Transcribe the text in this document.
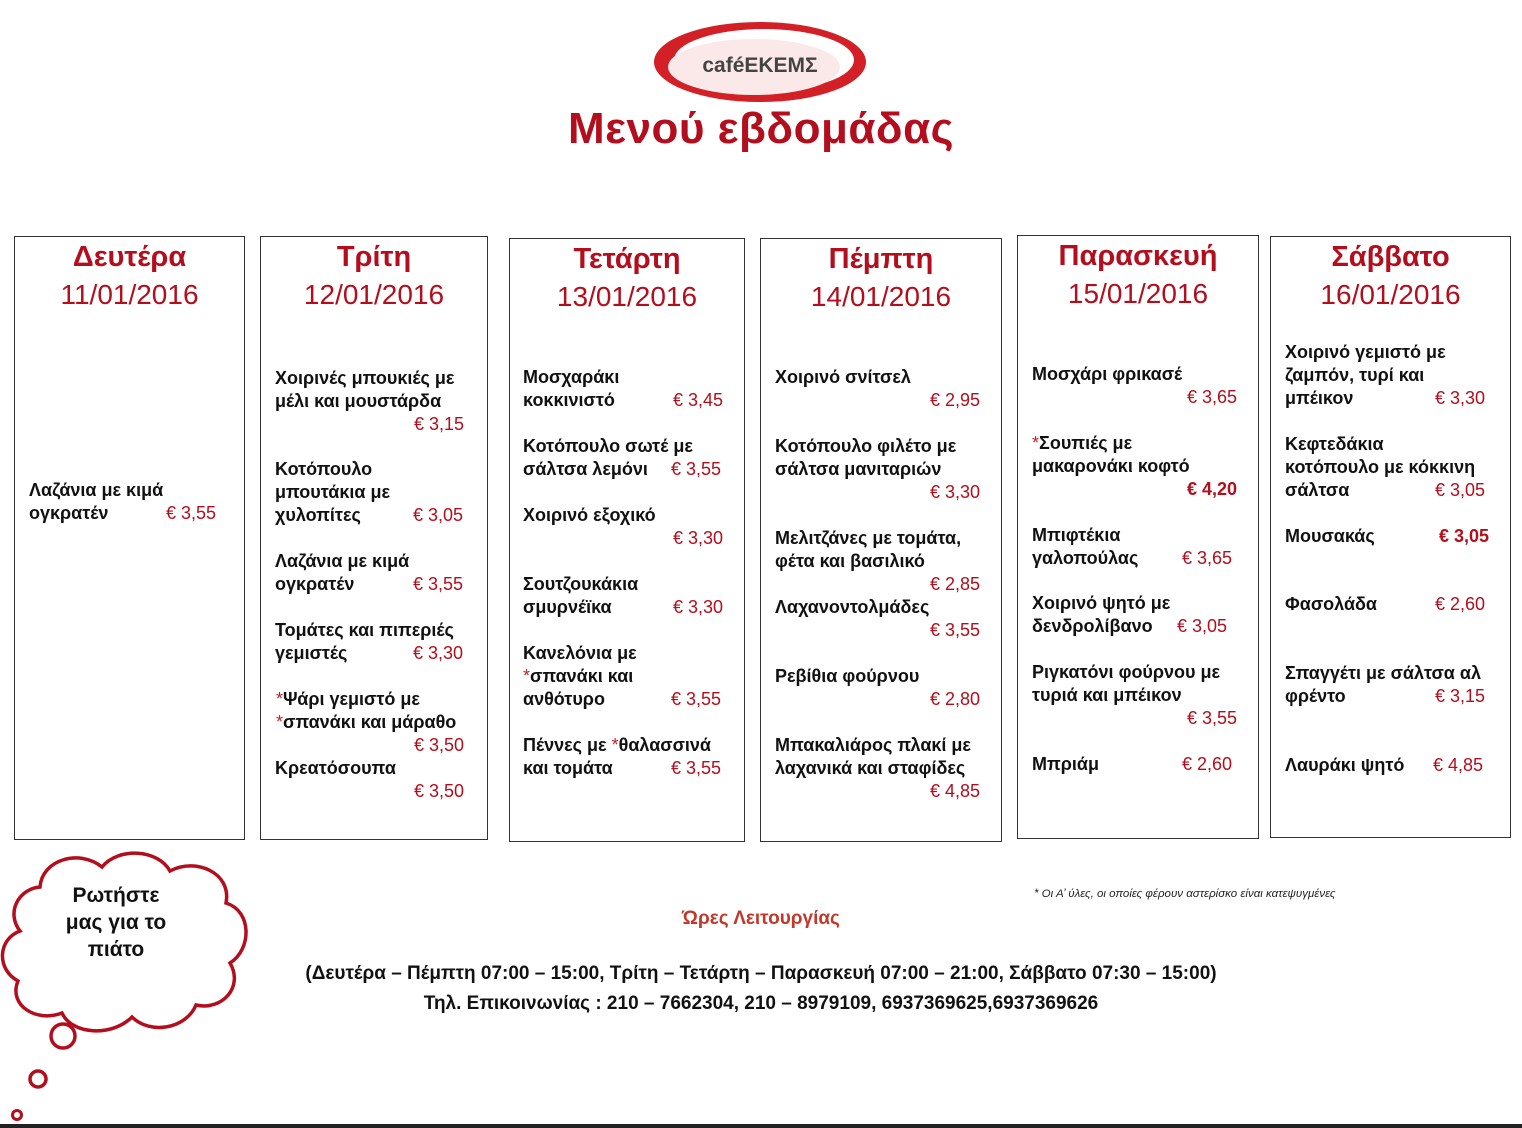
caféΕΚΕΜΣ
Μενού εβδομάδας
Δευτέρα
11/01/2016
Τρίτη
12/01/2016
Τετάρτη
13/01/2016
Πέμπτη
14/01/2016
Παρασκευή
15/01/2016
Σάββατο
16/01/2016
Λαζάνια με κιμά
ογκρατέν	€ 3,55
Χοιρινές μπουκιές με
μέλι και μουστάρδα
€ 3,15
Κοτόπουλο
μπουτάκια με
χυλοπίτες	€ 3,05
Λαζάνια με κιμά
ογκρατέν	€ 3,55
Τομάτες και πιπεριές
γεμιστές	€ 3,30
*Ψάρι γεμιστό με
*σπανάκι και μάραθο
€ 3,50
Κρεατόσουπα
€ 3,50
Μοσχαράκι
κοκκινιστό	€ 3,45
Κοτόπουλο σωτέ με
σάλτσα λεμόνι	€ 3,55
Χοιρινό εξοχικό
€ 3,30
Σουτζουκάκια
σμυρνέϊκα	€ 3,30
Κανελόνια με
*σπανάκι και
ανθότυρο	€ 3,55
Πέννες με *θαλασσινά
και τομάτα	€ 3,55
Χοιρινό σνίτσελ
€ 2,95
Κοτόπουλο φιλέτο με
σάλτσα μανιταριών
€ 3,30
Μελιτζάνες με τομάτα,
φέτα και βασιλικό
€ 2,85
Λαχανοντολμάδες
€ 3,55
Ρεβίθια φούρνου
€ 2,80
Μπακαλιάρος πλακί με
λαχανικά και σταφίδες
€ 4,85
Μοσχάρι φρικασέ
€ 3,65
*Σουπιές με
μακαρονάκι κοφτό
€ 4,20
Μπιφτέκια
γαλοπούλας € 3,65
Χοιρινό ψητό με
δενδρολίβανο	€ 3,05
Ριγκατόνι φούρνου με
τυριά και μπέικον
€ 3,55
Μπριάμ	€ 2,60
Χοιρινό γεμιστό με
ζαμπόν, τυρί και
μπέικον	€ 3,30
Κεφτεδάκια
κοτόπουλο με κόκκινη
σάλτσα	€ 3,05
Μουσακάς	€ 3,05
Φασολάδα	€ 2,60
Σπαγγέτι με σάλτσα αλ
φρέντο	€ 3,15
Λαυράκι ψητό € 4,85
Ρωτήστε
μας για το
πιάτο
* Οι Α’ ύλες, οι οποίες φέρουν αστερίσκο είναι κατεψυγμένες
Ώρες Λειτουργίας
(Δευτέρα – Πέμπτη 07:00 – 15:00, Τρίτη – Τετάρτη – Παρασκευή 07:00 – 21:00, Σάββατο 07:30 – 15:00)
Τηλ. Επικοινωνίας : 210 – 7662304, 210 – 8979109, 6937369625,6937369626
